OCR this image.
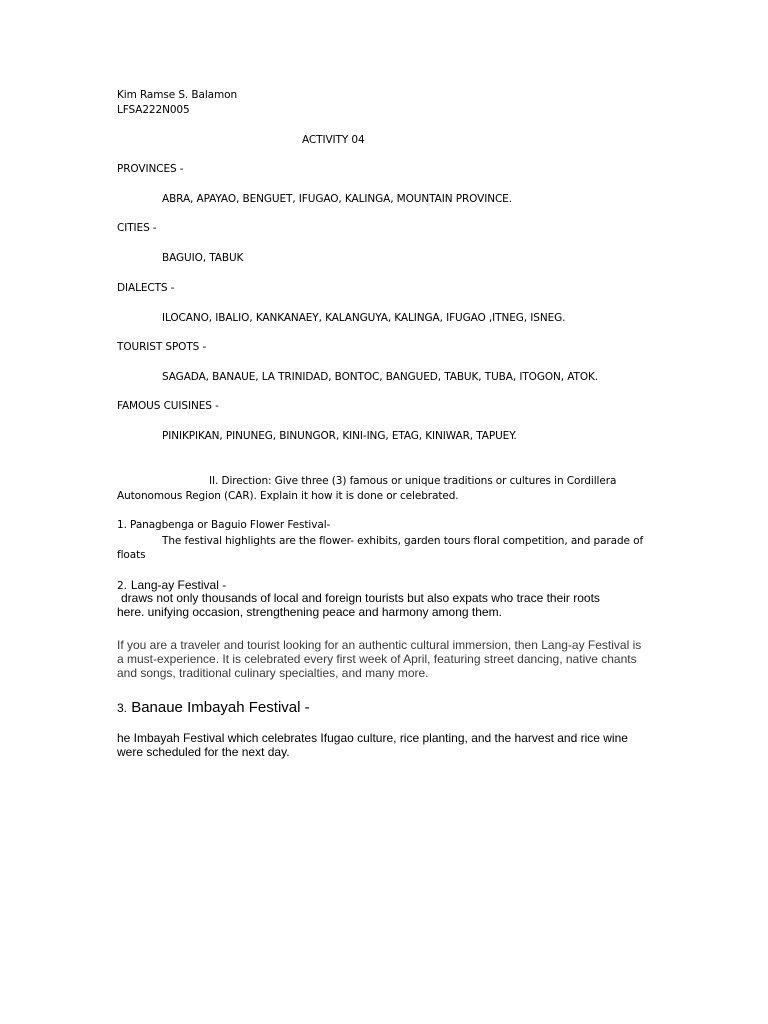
Kim Ramse S. Balamon

LFSA222N005

ACTIVITY 04

PROVINCES -

ABRA, APAYAO, BENGUET, IFUGAO, KALINGA, MOUNTAIN PROVINCE.

CITIES -

BAGUIO, TABUK

DIALECTS -

ILOCANO, IBALIO, KANKANAEY, KALANGUYA, KALINGA, IFUGAO ,ITNEG, ISNEG.

TOURIST SPOTS -

SAGADA, BANAUE, LA TRINIDAD, BONTOC, BANGUED, TABUK, TUBA, ITOGON, ATOK.

FAMOUS CUISINES -

PINIKPIKAN, PINUNEG, BINUNGOR, KINI-ING, ETAG, KINIWAR, TAPUEY.

II. Direction: Give three (3) famous or unique traditions or cultures in Cordillera

Autonomous Region (CAR). Explain it how it is done or celebrated.

1. Panagbenga or Baguio Flower Festival-

The festival highlights are the flower- exhibits, garden tours floral competition, and parade of

floats

2. Lang-ay Festival -

draws not only thousands of local and foreign tourists but also expats who trace their roots

here. unifying occasion, strengthening peace and harmony among them.

If you are a traveler and tourist looking for an authentic cultural immersion, then Lang-ay Festival is

a must-experience. It is celebrated every first week of April, featuring street dancing, native chants

and songs, traditional culinary specialties, and many more.

3. Banaue Imbayah Festival -

he Imbayah Festival which celebrates Ifugao culture, rice planting, and the harvest and rice wine

were scheduled for the next day.
